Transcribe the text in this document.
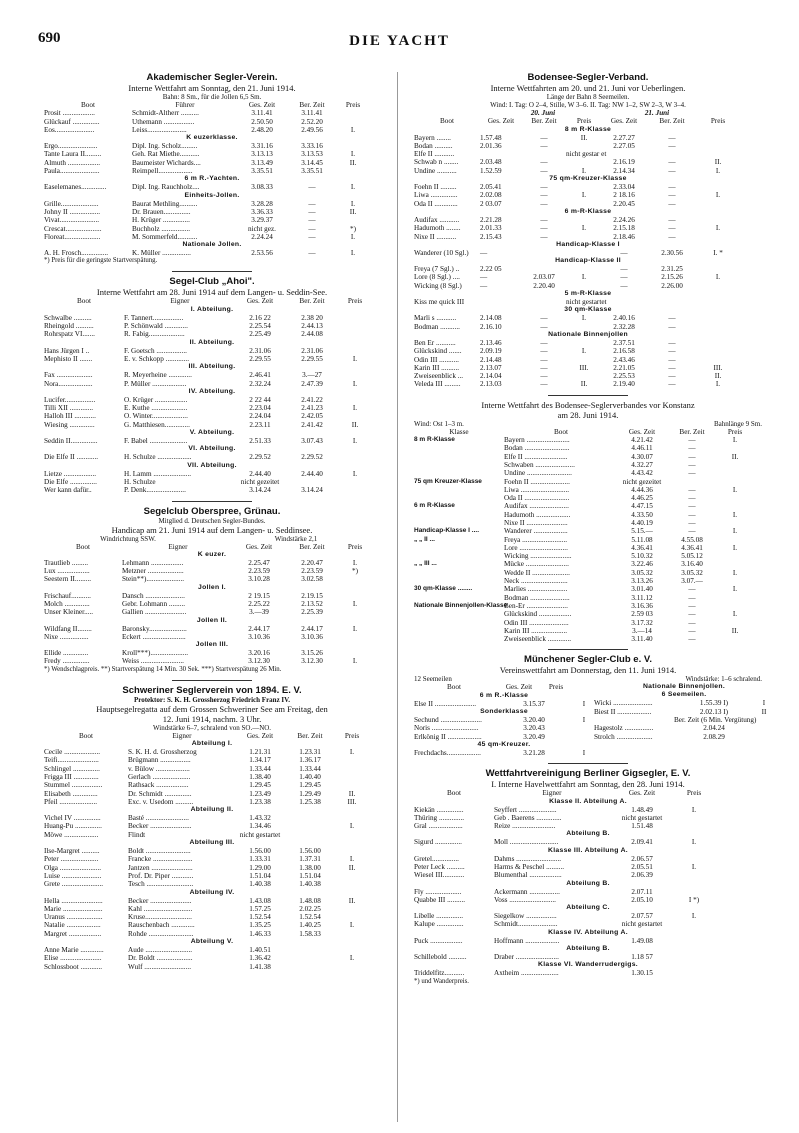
690	DIE YACHT
Akademischer Segler-Verein.
Interne Wettfahrt am Sonntag, den 21. Juni 1914.
Bahn: 8 Sm., für die Jollen 6,5 Sm.
Boot	Führer	Ges. Zeit	Ber. Zeit	Preis
Prosit ..................	Schmidt-Altherr ..........	3.11.41	3.11.41
Glückauf ...............	Uthemann .................	2.50.50	2.52.20
Eos......................	Leiss......................	2.48.20	2.49.56	I.
K euzerklasse.
Ergo......................	Dipl. Ing. Scholz.........	3.31.16	3.33.16
Tante Laura II.........	Geh. Rat Miethe...........	3.13.13	3.13.53	I.
Almuth ..................	Baumeister Wichards....	3.13.49	3.14.45	II.
Paula......................	Reimpell...................	3.35.51	3.35.51
6 m R.-Yachten.
Easelemanes..............	Dipl. Ing. Rauchholz....	3.08.33	—	I.
Einheits-Jollen.
Grille.....................	Baurat Methling..........	3.28.28	—	I.
Johny II .................	Dr. Brauen...............	3.36.33	—	II.
Vivat......................	H. Krüger ...............	3.29.37	—
Crescat....................	Buchholz ................	nicht gez.	—	*)
Floreat....................	M. Sommerfeld...........	2.24.24	—	I.
Nationale Jollen.
A. H. Frosch...............	K. Müller ................	2.53.56	—	I.
*) Preis für die geringste Startverspätung.
Segel-Club „Ahoi".
Interne Wettfahrt am 28. Juni 1914 auf dem Langen- u. Seddin-See.
Boot	Eigner	Ges. Zeit	Ber. Zeit	Preis
I. Abteilung.
Schwalbe ..........	F. Tannert.................	2.16 22	2.38 20
Rheingold ..........	P. Schönwald .............	2.25.54	2.44.13
Rohrspatz VI.......	R. Fabig....................	2.25.49	2.44.08
II. Abteilung.
Hans Jürgen I ..	F. Goetsch .................	2.31.06	2.31.06
Mephisto II .......	E. v. Schkopp .............	2.29.55	2.29.55	I.
III. Abteilung.
Fax ....................	R. Meyerheine .............	2.46.41	3.—27
Nora...................	P. Müller ...................	2.32.24	2.47.39	I.
IV. Abteilung.
Lucifer.................	O. Krüger ..................	2 22 44	2.41.22
Tilli XII .............	E. Kuthe ....................	2.23.04	2.41.23	I.
Halloh III ............	O. Winter....................	2.24.04	2.42.05
Wiesing ..............	G. Matthiesen..............	2.23.11	2.41.42	II.
V. Abteilung.
Seddin II...............	F. Babel .....................	2.51.33	3.07.43	I.
VI. Abteilung.
Die Elfe II ............	H. Schulze ...................	2.29.52	2.29.52
VII. Abteilung.
Lietze ..................	H. Lamm .....................	2.44.40	2.44.40	I.
Die Elfe ...............	H. Schulze	nicht gezeitet
Wer kann dafür..	P. Denk......................	3.14.24	3.14.24
Segelclub Oberspree, Grünau.
Mitglied d. Deutschen Segler-Bundes.
Handicap am 21. Juni 1914 auf dem Langen- u. Seddinsee.
Windrichtung SSW.	Windstärke 2,1
Boot	Eigner	Ges. Zeit	Ber. Zeit	Preis
K euzer.
Trautlieb .........	Lehmann ..................	2.25.47	2.20.47	I.
Lux ..................	Metzner ....................	2.23.59	2.23.59	*)
Seestern II.........	Stein**).....................	3.10.28	3.02.58
Jollen I.
Frischauf...........	Dansch ......................	2 19.15	2.19.15
Molch ..............	Gebr. Lohmann .........	2.25.22	2.13.52	I.
Unser Kleiner.....	Gallien .......................	3.—39	2.25.39
Jollen II.
Wildfang II........	Baronsky.....................	2.44.17	2.44.17	I.
Nixe ................	Eckert ........................	3.10.36	3.10.36
Jollen III.
Ellide ..............	Kroll***).....................	3.20.16	3.15.26
Fredy ...............	Weiss ........................	3.12.30	3.12.30	I.
*) Wendschlagpreis. **) Startverspätung 14 Min. 30 Sek. ***) Startverspätung 26 Min.
Schweriner Seglerverein von 1894. E. V.
Protektor: S. K. H. Grossherzog Friedrich Franz IV.
Hauptsegelregatta auf dem Grossen Schweriner See am Freitag, den
12. Juni 1914, nachm. 3 Uhr.
Windstärke 6–7, schralend von SO.—NO.
Boot	Eigner	Ges. Zeit	Ber. Zeit	Preis
Abteilung I.
Cecile ....................	S. K. H. d. Grossherzog	1.21.31	1.23.31	I.
Teifi.......................	Brügmann .................	1.34.17	1.36.17
Schlingel ...............	v. Bülow ...................	1.33.44	1.33.44
Frigga III ..............	Gerlach .....................	1.38.40	1.40.40
Stummel .................	Rathsack ..................	1.29.45	1.29.45
Elisabeth ..............	Dr. Schmidt ...............	1.23.49	1.29.49	II.
Pfeil .....................	Exc. v. Usedom ..........	1.23.38	1.25.38	III.
Abteilung II.
Vichel IV ...............	Basté ........................	1.43.32
Huang-Pu ...............	Becker .......................	1.34.46	I.
Möwe ...................	Flindt	nicht gestartet
Abteilung III.
Ilse-Margret ..........	Boldt .........................	1.56.00	1.56.00
Peter .....................	Francke ......................	1.33.31	1.37.31	I.
Olga .......................	Jantzen .......................	1.29.00	1.38.00	II.
Luise ......................	Prof. Dr. Piper ............	1.51.04	1.51.04
Grete .......................	Tesch ..........................	1.40.38	1.40.38
Abteilung IV.
Hella .......................	Becker .......................	1.43.08	1.48.08	II.
Marie ......................	Kahl ...........................	1.57.25	2.02.25
Uranus ....................	Kruse..........................	1.52.54	1.52.54
Natalie ...................	Rauschenbach .............	1.35.25	1.40.25	I.
Margret ..................	Rohde .........................	1.46.33	1.58.33
Abteilung V.
Anne Marie .............	Aude ..........................	1.40.51
Elise .......................	Dr. Boldt ....................	1.36.42	I.
Schlossboot ............	Wulf ..........................	1.41.38
Bodensee-Segler-Verband.
Interne Wettfahrten am 20. und 21. Juni vor Ueberlingen.
Länge der Bahn 8 Seemeilen.
Wind: I. Tag: O 2–4, Stille, W 3–6. II. Tag: NW 1–2, SW 2–3, W 3–4.
20. Juni	21. Juni
Boot	Ges. Zeit	Ber. Zeit	Preis	Ges. Zeit	Ber. Zeit	Preis
8 m R-Klasse
Bayern ........	1.57.48	—	II.	2.27.27	—
Bodan ..........	2.01.36	—	2.27.05	—
Elfe II ...........	nicht gestar et
Schwab n ........	2.03.48	—	2.16.19	—	II.
Undine ...........	1.52.59	—	I.	2.14.34	—	I.
75 qm-Kreuzer-Klasse
Foehn II .........	2.05.41	—	2.33.04	—
Liwa ...............	2.02.08	—	I.	2 18.16	—	I.
Oda II .............	2 03.07	—	2.20.45	—
6 m-R-Klasse
Audifax ...........	2.21.28	—	2.24.26	—
Hadumoth ........	2.01.33	—	I.	2.15.18	—	I.
Nixe II ...........	2.15.43	—	2.18.46	—
Handicap-Klasse I
Wanderer (10 Sgl.)	—	—	2.30.56	I. *
Handicap-Klasse II
Freya (7 Sgl.) ..	2.22 05	—	2.31.25
Lore (8 Sgl.) ....	—	2.03.07	I.	—	2.15.26	I.
Wicking (8 Sgl.)	—	2.20.40	—	2.26.00
5 m-R-Klasse
Kiss me quick III	nicht gestartet
30 qm-Klasse
Marli s ...........	2.14.08	—	I.	2.40.16	—
Bodman ...........	2.16.10	—	2.32.28	—
Nationale Binnenjollen
Ben Er ...........	2.13.46	—	2.37.51	—
Glückskind .......	2.09.19	—	I.	2.16.58	—
Odin III ...........	2.14.48	—	2.43.46	—
Karin III ..........	2.13.07	—	III.	2.21.05	—	III.
Zweiseenblick ...	2.14.04	—	2.25.53	—	II.
Veleda III .........	2.13.03	—	II.	2.19.40	—	I.
Interne Wettfahrt des Bodensee-Seglerverbandes vor Konstanz
am 28. Juni 1914.
Wind: Ost 1–3 m.	Bahnlänge 9 Sm.
Klasse	Boot	Ges. Zeit	Ber. Zeit	Preis
8 m R-Klasse	Bayern ........................	4.21.42	—	I.
Bodan .........................	4.46.11	—
Elfe II ........................	4.30.07	—	II.
Schwaben ......................	4.32.27	—
Undine .........................	4.43.42	—
75 qm Kreuzer-Klasse	Foehn II ......................	nicht gezeitet
Liwa ...........................	4.44.36	—	I.
Oda II .........................	4.46.25	—
6 m R-Klasse	Audifax ......................	4.47.15	—
Hadumoth ...................	4.33.50	—	I.
Nixe II .......................	4.40.19	—
Handicap-Klasse I ....	Wanderer ...................	5.15.—	—	I.
„ „ II ...	Freya .........................	5.11.08	4.55.08
Lore ...........................	4.36.41	4.36.41	I.
Wicking .......................	5.10.32	5.05.12
„ „ III ...	Mücke ........................	3.22.46	3.16.40
Wedde II .....................	3.05.32	3.05.32	I.
Neck ..........................	3.13.26	3.07.—
30 qm-Klasse ........	Marlies ......................	3.01.40	—	I.
Bodman ......................	3.11.12	—
Nationale Binnenjollen-Klasse
Ben-Er .......................	3.16.36	—
Glückskind ..................	2.59 03	—	I.
Odin III ......................	3.17.32	—
Karin III ....................	3.—14	—	II.
Zweiseenblick .............	3.11.40	—
Münchener Segler-Club e. V.
Vereinswettfahrt am Donnerstag, den 11. Juni 1914.
12 Seemeilen	Windstärke: 1–6 schralend.
Boot	Ges. Zeit	Preis
6 m R.-Klasse
Else II .......................	3.15.37	I
Sonderklasse
Sechund .......................	3.20.40	I
Noris ..........................	3.20.43
Erlkönig II ...................	3.20.49
45 qm-Kreuzer.
Frechdachs...................	3.21.28	I
Nationale Binnenjollen.
6 Seemeilen.
Wicki ......................	1.55.39 I)	I
Biest II ...................	2.02.13 I)	II
Ber. Zeit (6 Min. Vergütung)
Hagestolz ................	2.04.24
Strolch ....................	2.08.29
Wettfahrtvereinigung Berliner Gigsegler, E. V.
I. Interne Havelwettfahrt am Sonntag, den 28. Juni 1914.
Boot	Eigner	Ges. Zeit	Preis
Klasse II. Abteilung A.
Kiekän ...............	Seyffert .....................	1.48.49	I.
Thüring ..............	Geb . Baerens ..............	nicht gestartet
Gral ...................	Reize ........................	1.51.48
Abteilung B.
Sigurd ...............	Moll ...........................	2.09.41	I.
Klasse III. Abteilung A.
Gretel...............	Dahms .........................	2.06.57
Peter Leck ..........	Harms & Peschel ..........	2.05.51	I.
Wiesel III............	Blumenthal ..................	2.06.39
Abteilung B.
Fly ....................	Ackermann .................	2.07.11
Quabbe III ..........	Voss ..........................	2.05.10	I *)
Abteilung C.
Libelle ...............	Siegelkow .................	2.07.57	I.
Kalupe ...............	Schmidt......................	nicht gestartet
Klasse IV. Abteilung A.
Puck ..................	Hoffmann ...................	1.49.08
Abteilung B.
Schillebold ..........	Draber ........................	1.18 57
Klasse VI. Wanderrudergigs.
Triddelfitz...........	Axtheim .....................	1.30.15
*) und Wanderpreis.
